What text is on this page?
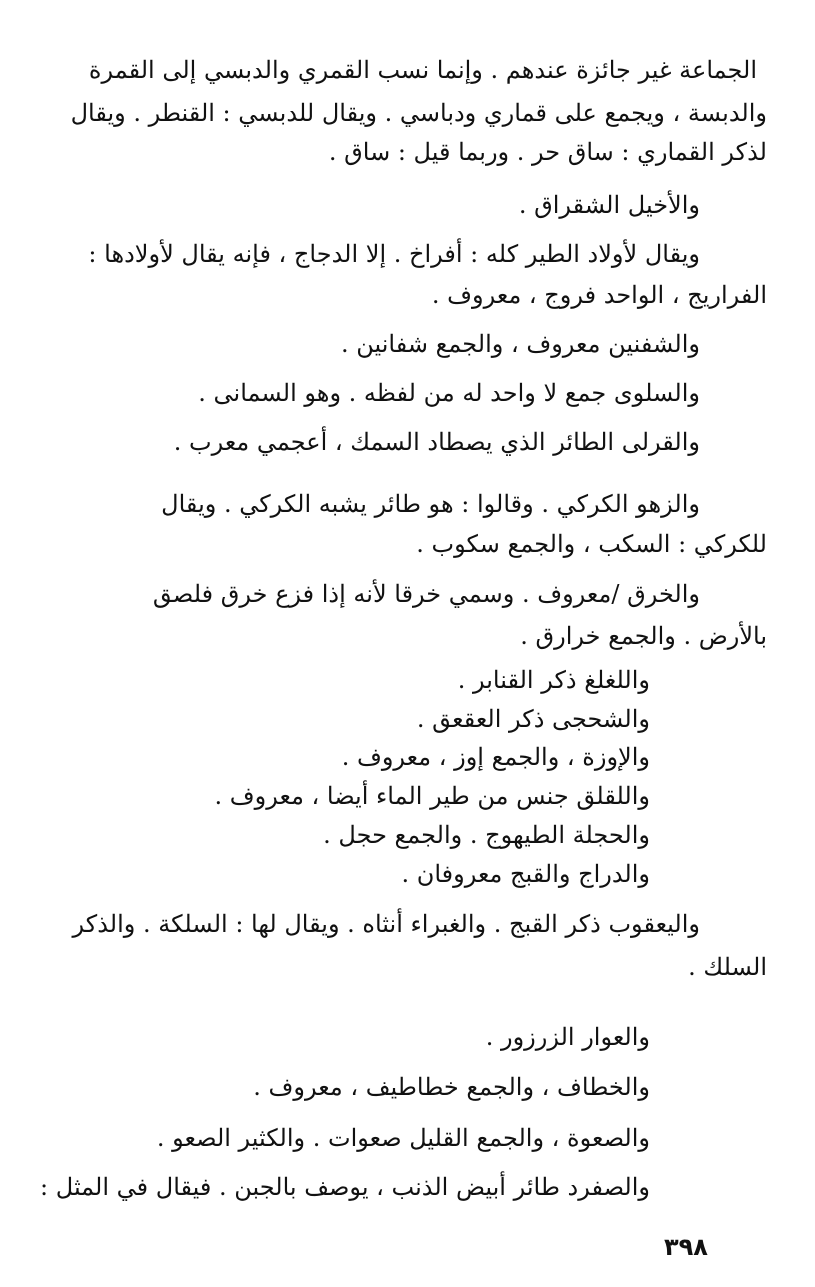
الجماعة غير جائزة عندهم . وإنما نسب القمري والدبسي إلى القمرة
والدبسة ، ويجمع على قماري ودباسي . ويقال للدبسي : القنطر . ويقال
لذكر القماري : ساق حر . وربما قيل : ساق .
والأخيل الشقراق .
ويقال لأولاد الطير كله : أفراخ . إلا الدجاج ، فإنه يقال لأولادها :
الفراريج ، الواحد فروج ، معروف .
والشفنين معروف ، والجمع شفانين .
والسلوى جمع لا واحد له من لفظه . وهو السمانى .
والقرلى الطائر الذي يصطاد السمك ، أعجمي معرب .
والزهو الكركي . وقالوا : هو طائر يشبه الكركي . ويقال
للكركي : السكب ، والجمع سكوب .
والخرق /معروف . وسمي خرقا لأنه إذا فزع خرق فلصق
بالأرض . والجمع خرارق .
واللغلغ ذكر القنابر .
والشحجى ذكر العقعق .
والإوزة ، والجمع إوز ، معروف .
واللقلق جنس من طير الماء أيضا ، معروف .
والحجلة الطيهوج . والجمع حجل .
والدراج والقبج معروفان .
واليعقوب ذكر القبج . والغبراء أنثاه . ويقال لها : السلكة . والذكر
السلك .
والعوار الزرزور .
والخطاف ، والجمع خطاطيف ، معروف .
والصعوة ، والجمع القليل صعوات . والكثير الصعو .
والصفرد طائر أبيض الذنب ، يوصف بالجبن . فيقال في المثل :
٣٩٨
